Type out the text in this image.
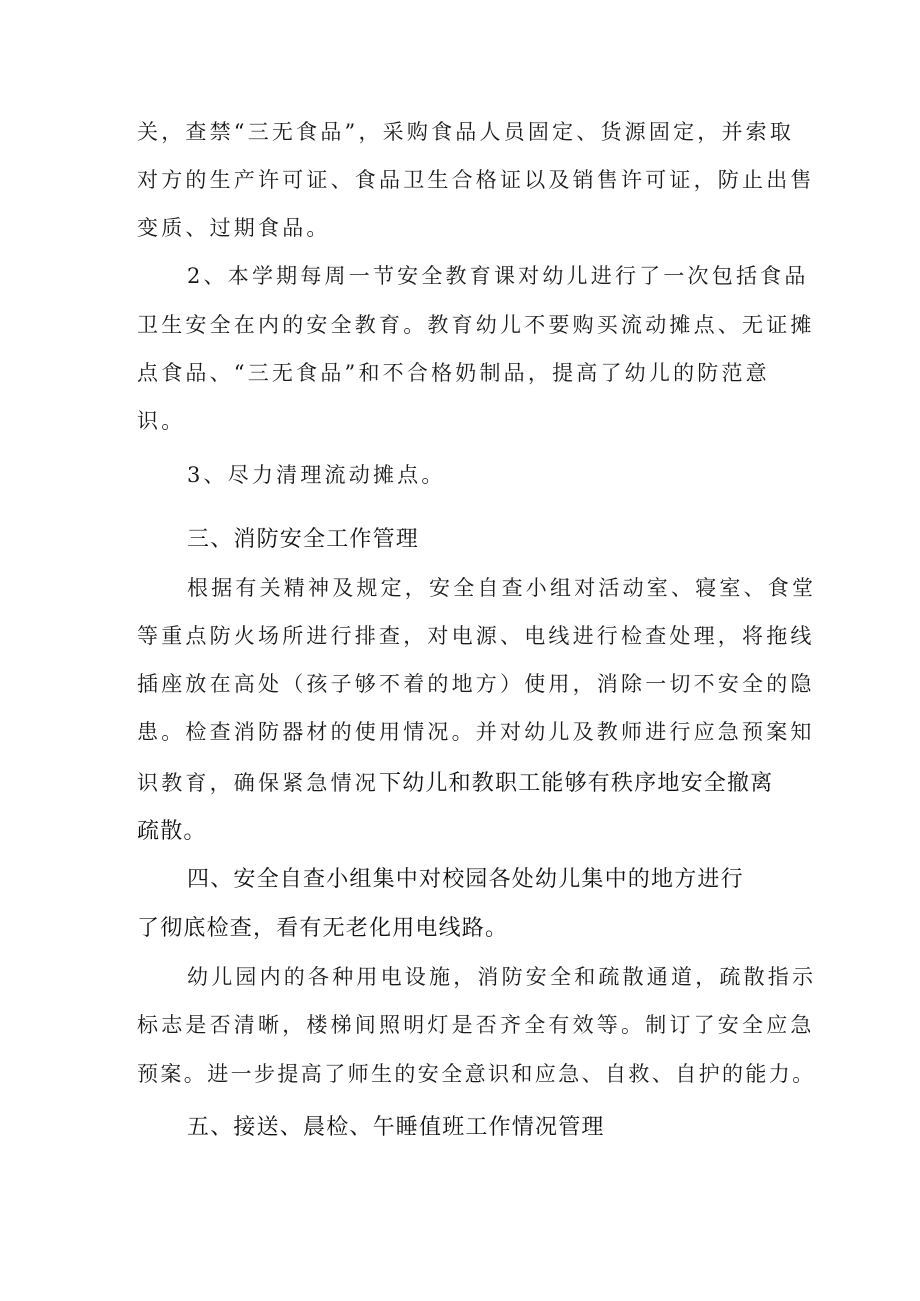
关，查禁“三无食品”，采购食品人员固定、货源固定，并索取
对方的生产许可证、食品卫生合格证以及销售许可证，防止出售
变质、过期食品。
2、本学期每周一节安全教育课对幼儿进行了一次包括食品
卫生安全在内的安全教育。教育幼儿不要购买流动摊点、无证摊
点食品、“三无食品”和不合格奶制品，提高了幼儿的防范意
识。
3、尽力清理流动摊点。
三、消防安全工作管理
根据有关精神及规定，安全自查小组对活动室、寝室、食堂
等重点防火场所进行排查，对电源、电线进行检查处理，将拖线
插座放在高处（孩子够不着的地方）使用，消除一切不安全的隐
患。检查消防器材的使用情况。并对幼儿及教师进行应急预案知
识教育，确保紧急情况下幼儿和教职工能够有秩序地安全撤离
疏散。
四、安全自查小组集中对校园各处幼儿集中的地方进行
了彻底检查，看有无老化用电线路。
幼儿园内的各种用电设施，消防安全和疏散通道，疏散指示
标志是否清晰，楼梯间照明灯是否齐全有效等。制订了安全应急
预案。进一步提高了师生的安全意识和应急、自救、自护的能力。
五、接送、晨检、午睡值班工作情况管理
